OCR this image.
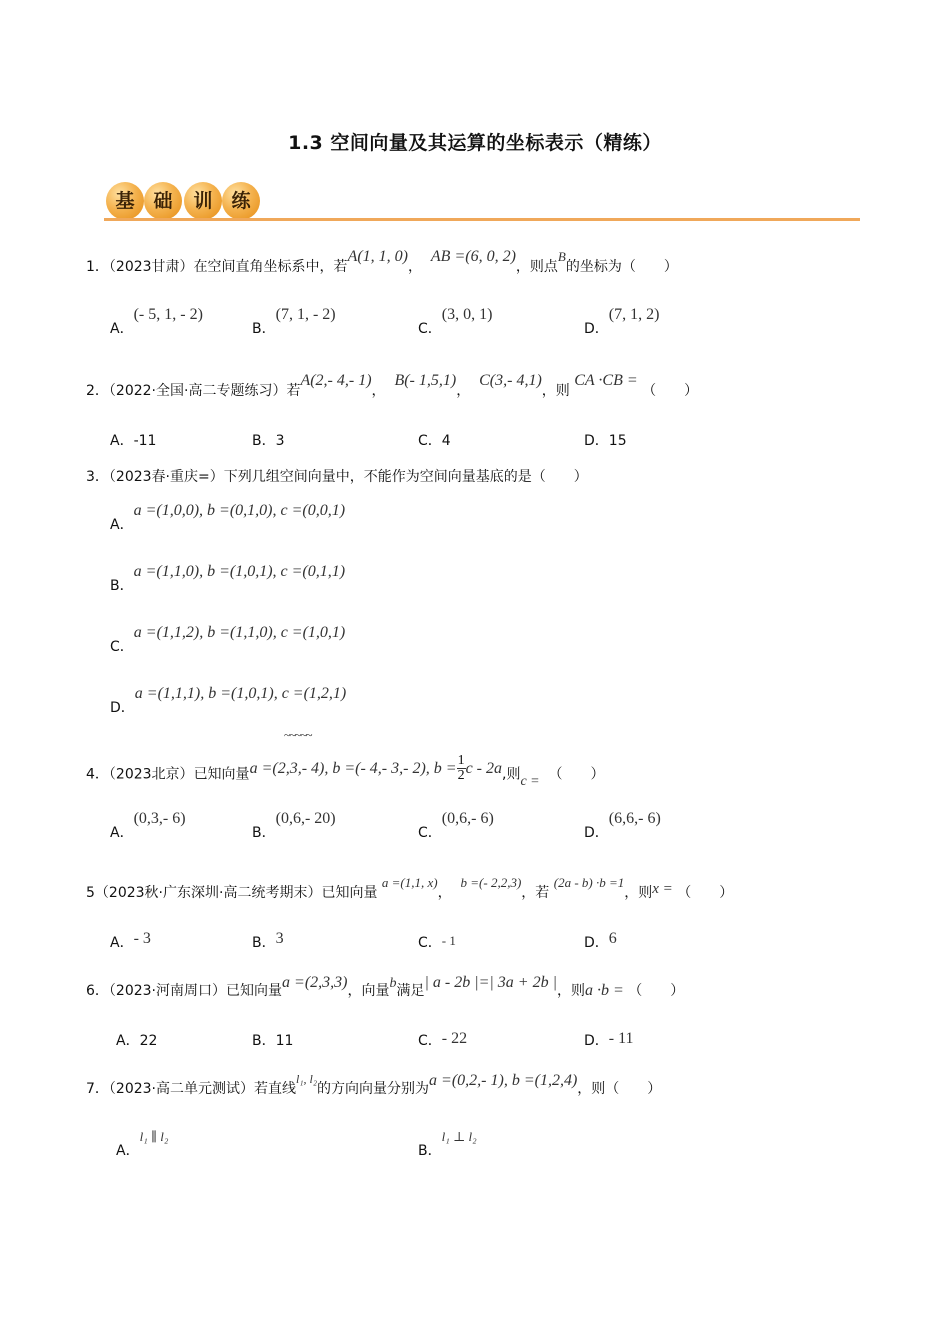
1.3 空间向量及其运算的坐标表示（精练）
基 础	训 练
1．（2023甘肃）在空间直角坐标系中，若A(1, 1, 0)，  AB =(6, 0, 2)，则点B的坐标为（　　）
A．(- 5, 1, - 2)
B．(7, 1, - 2)
C．(3, 0, 1)
D．(7, 1, 2)
2．（2022·全国·高二专题练习）若A(2,- 4,- 1)，  B(- 1,5,1)，  C(3,- 4,1)，则 CA ·CB = （　　）
A．-11	B．3	C．4	D．15
3．（2023春·重庆=）下列几组空间向量中，不能作为空间向量基底的是（　　）
A．a =(1,0,0), b =(0,1,0), c =(0,0,1)
B．a =(1,1,0), b =(1,0,1), c =(0,1,1)
C．a =(1,1,2), b =(1,1,0), c =(1,0,1)
D．a =(1,1,1), b =(1,0,1), c =(1,2,1)
~~~~~
4．（2023北京）已知向量a =(2,3,- 4), b =(- 4,- 3,- 2), $b = \frac{1}{2}$ c - 2a,则c = （　　）
A．(0,3,- 6)
B．(0,6,- 20)
C．(0,6,- 6)
D．(6,6,- 6)
5（2023秋·广东深圳·高二统考期末）已知向量 a =(1,1, x)，  b =(- 2,2,3)，若 (2a - b) ·b =1，则x = （　　）
A．- 3	B．3	C．- 1	D．6
6．（2023·河南周口）已知向量a =(2,3,3)，向量b满足| a - 2b |=| 3a + 2b |，则a ·b = （　　）
A．22	B．11	C．- 22	D．- 11
7．（2023·高二单元测试）若直线l₁, l₂的方向向量分别为a =(0,2,- 1), b =(1,2,4)，则（　　）
A．l₁ ∥ l₂
B．l₁ ⊥ l₂
